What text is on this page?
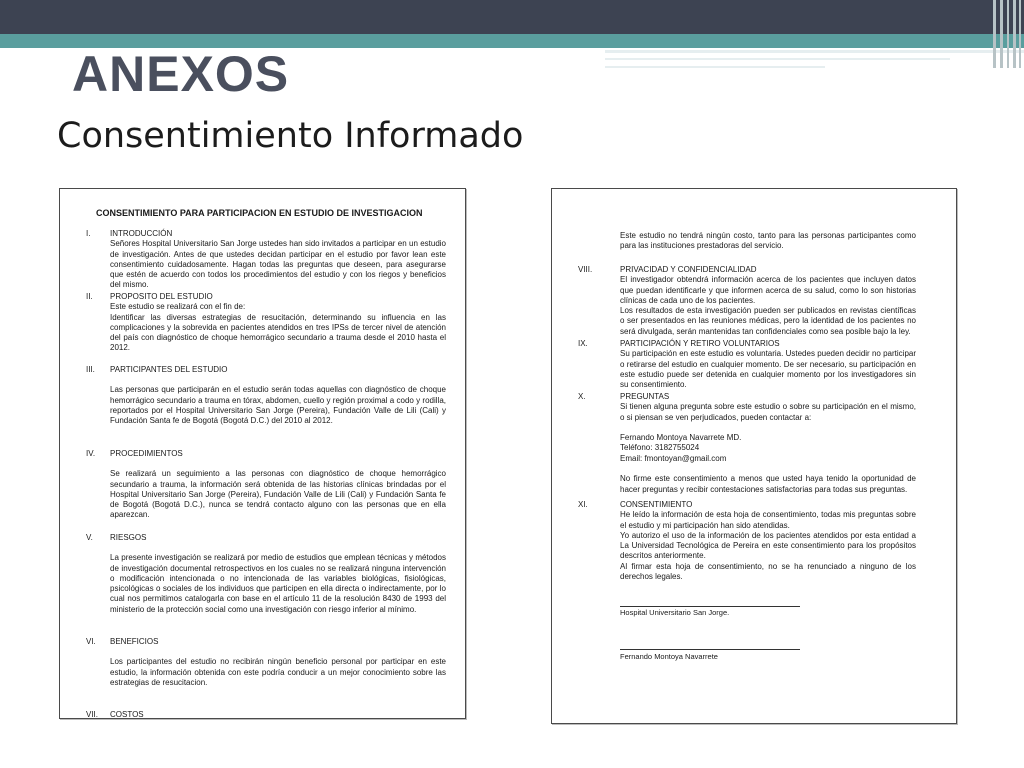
ANEXOS
Consentimiento Informado
CONSENTIMIENTO PARA PARTICIPACION EN ESTUDIO DE INVESTIGACION
I.	INTRODUCCIÓN
Señores Hospital Universitario San Jorge ustedes han sido invitados a participar en un estudio de investigación. Antes de que ustedes decidan participar en el estudio por favor lean este consentimiento cuidadosamente. Hagan todas las preguntas que deseen, para asegurarse que estén de acuerdo con todos los procedimientos del estudio y con los riegos y beneficios del mismo.
II.	PROPOSITO DEL ESTUDIO
Este estudio se realizará con el fin de:
Identificar las diversas estrategias de resucitación, determinando su influencia en las complicaciones y la sobrevida en pacientes atendidos en tres IPSs de tercer nivel de atención del país con diagnóstico de choque hemorrágico secundario a trauma desde el 2010 hasta el 2012.
III.	PARTICIPANTES DEL ESTUDIO
Las personas que participarán en el estudio serán todas aquellas con diagnóstico de choque hemorrágico secundario a trauma en tórax, abdomen, cuello y región proximal a codo y rodilla, reportados por el Hospital Universitario San Jorge (Pereira), Fundación Valle de Lili (Cali) y Fundación Santa fe de Bogotá (Bogotá D.C.) del 2010 al 2012.
IV.	PROCEDIMIENTOS
Se realizará un seguimiento a las personas con diagnóstico de choque hemorrágico secundario a trauma, la información será obtenida de las historias clínicas brindadas por el Hospital Universitario San Jorge (Pereira), Fundación Valle de Lili (Cali) y Fundación Santa fe de Bogotá (Bogotá D.C.), nunca se tendrá contacto alguno con las personas que en ella aparezcan.
V.	RIESGOS
La presente investigación se realizará por medio de estudios que emplean técnicas y métodos de investigación documental retrospectivos en los cuales no se realizará ninguna intervención o modificación intencionada o no intencionada de las variables biológicas, fisiológicas, psicológicas o sociales de los individuos que participen en ella directa o indirectamente, por lo cual nos permitimos catalogarla con base en el artículo 11 de la resolución 8430 de 1993 del ministerio de la protección social como una investigación con riesgo inferior al mínimo.
VI.	BENEFICIOS
Los participantes del estudio no recibirán ningún beneficio personal por participar en este estudio, la información obtenida con este podría conducir a un mejor conocimiento sobre las estrategias de resucitacion.
VII.	COSTOS
Este estudio no tendrá ningún costo, tanto para las personas participantes como para las instituciones prestadoras del servicio.
VIII.	PRIVACIDAD Y CONFIDENCIALIDAD
El investigador obtendrá información acerca de los pacientes que incluyen datos que puedan identificarle y que informen acerca de su salud, como lo son historias clínicas de cada uno de los pacientes.
Los resultados de esta investigación pueden ser publicados en revistas científicas o ser presentados en las reuniones médicas, pero la identidad de los pacientes no será divulgada, serán mantenidas tan confidenciales como sea posible bajo la ley.
IX.	PARTICIPACIÓN Y RETIRO VOLUNTARIOS
Su participación en este estudio es voluntaria. Ustedes pueden decidir no participar o retirarse del estudio en cualquier momento. De ser necesario, su participación en este estudio puede ser detenida en cualquier momento por los investigadores sin su consentimiento.
X.	PREGUNTAS
Si tienen alguna pregunta sobre este estudio o sobre su participación en el mismo, o si piensan se ven perjudicados, pueden contactar a:

Fernando Montoya Navarrete MD.
Teléfono: 3182755024
Email: fmontoyan@gmail.com

No firme este consentimiento a menos que usted haya tenido la oportunidad de hacer preguntas y recibir contestaciones satisfactorias para todas sus preguntas.
XI.	CONSENTIMIENTO
He leído la información de esta hoja de consentimiento, todas mis preguntas sobre el estudio y mi participación han sido atendidas.
Yo autorizo el uso de la información de los pacientes atendidos por esta entidad a La Universidad Tecnológica de Pereira en este consentimiento para los propósitos descritos anteriormente.
Al firmar esta hoja de consentimiento, no se ha renunciado a ninguno de los derechos legales.
Hospital Universitario San Jorge.
Fernando Montoya Navarrete
